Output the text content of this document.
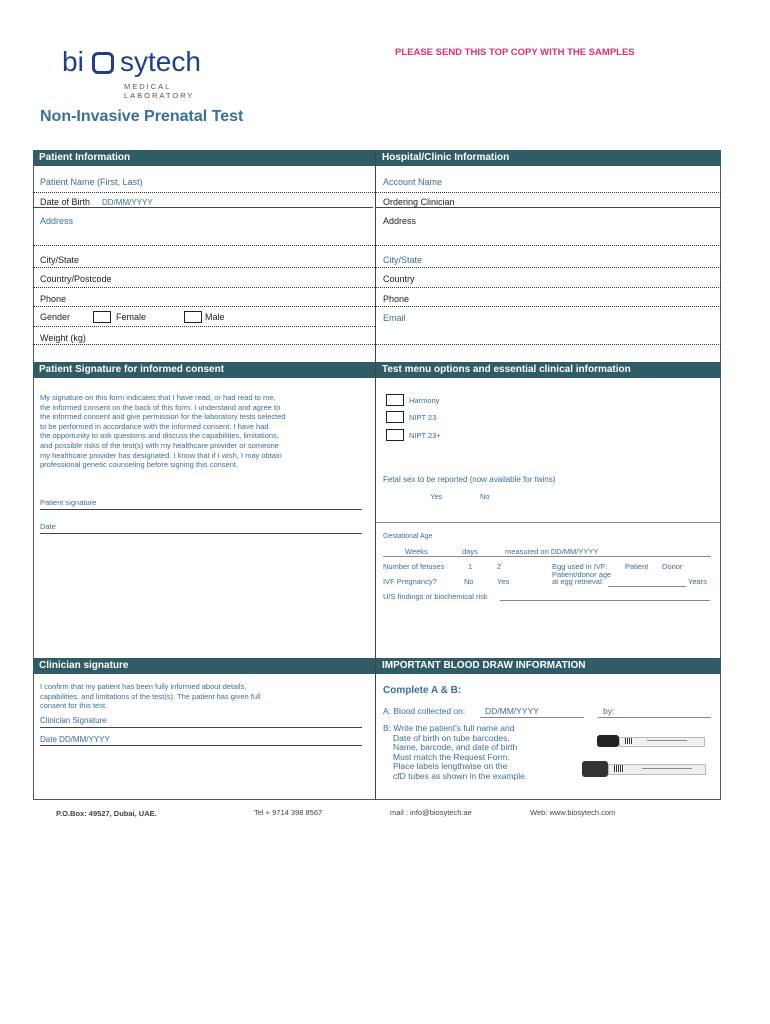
PLEASE SEND THIS TOP COPY WITH THE SAMPLES
bi sytech
MEDICAL LABORATORY
Non-Invasive Prenatal Test
Patient Information	Hospital/Clinic Information
Patient Name (First, Last)
Date of Birth DD/MM/YYYY
Address
City/State
Country/Postcode
Phone
Gender	Female	Male
Weight (kg)
Account Name
Ordering Clinician
Address
City/State
Country
Phone
Email
Patient Signature for informed consent	Test menu options and essential clinical information
My signature on this form indicates that I have read, or had read to me,
the informed consent on the back of this form. I understand and agree to
the informed consent and give permission for the laboratory tests selected
to be performed in accordance with the informed consent. I have had
the opportunity to ask questions and discuss the capabilities, limitations,
and possible risks of the test(s) with my healthcare provider or someone
my healthcare provider has designated. I know that if I wish, I may obtain
professional genetic counseling before signing this consent.
Patient signature
Date
Harmony
NIPT 23
NIPT 23+
Fetal sex to be reported (now available for twins)
Yes	No
Gestational Age
Weeks	days	measured on DD/MM/YYYY
Number of fetuses	1	2	Egg used in IVF: Patient Donor
Patient/donor age
IVF Pregnancy?	No	Yes	at egg retrieval:	Years
U/S findings or biochemical risk
Clinician signature	IMPORTANT BLOOD DRAW INFORMATION
I confirm that my patient has been fully informed about details,
capabilities, and limitations of the test(s). The patient has given full
consent for this test.
Clinician Signature
Date DD/MM/YYYY
Complete A & B:
A: Blood collected on: DD/MM/YYYY	by:
B: Write the patient's full name and
Date of birth on tube barcodes.
Name, barcode, and date of birth
Must match the Request Form.
Place labels lengthwise on the
cfD tubes as shown in the example.
P.O.Box: 49527, Dubai, UAE.	Tel + 9714 398 8567	mail : info@biosytech.ae	Web: www.biosytech.com
